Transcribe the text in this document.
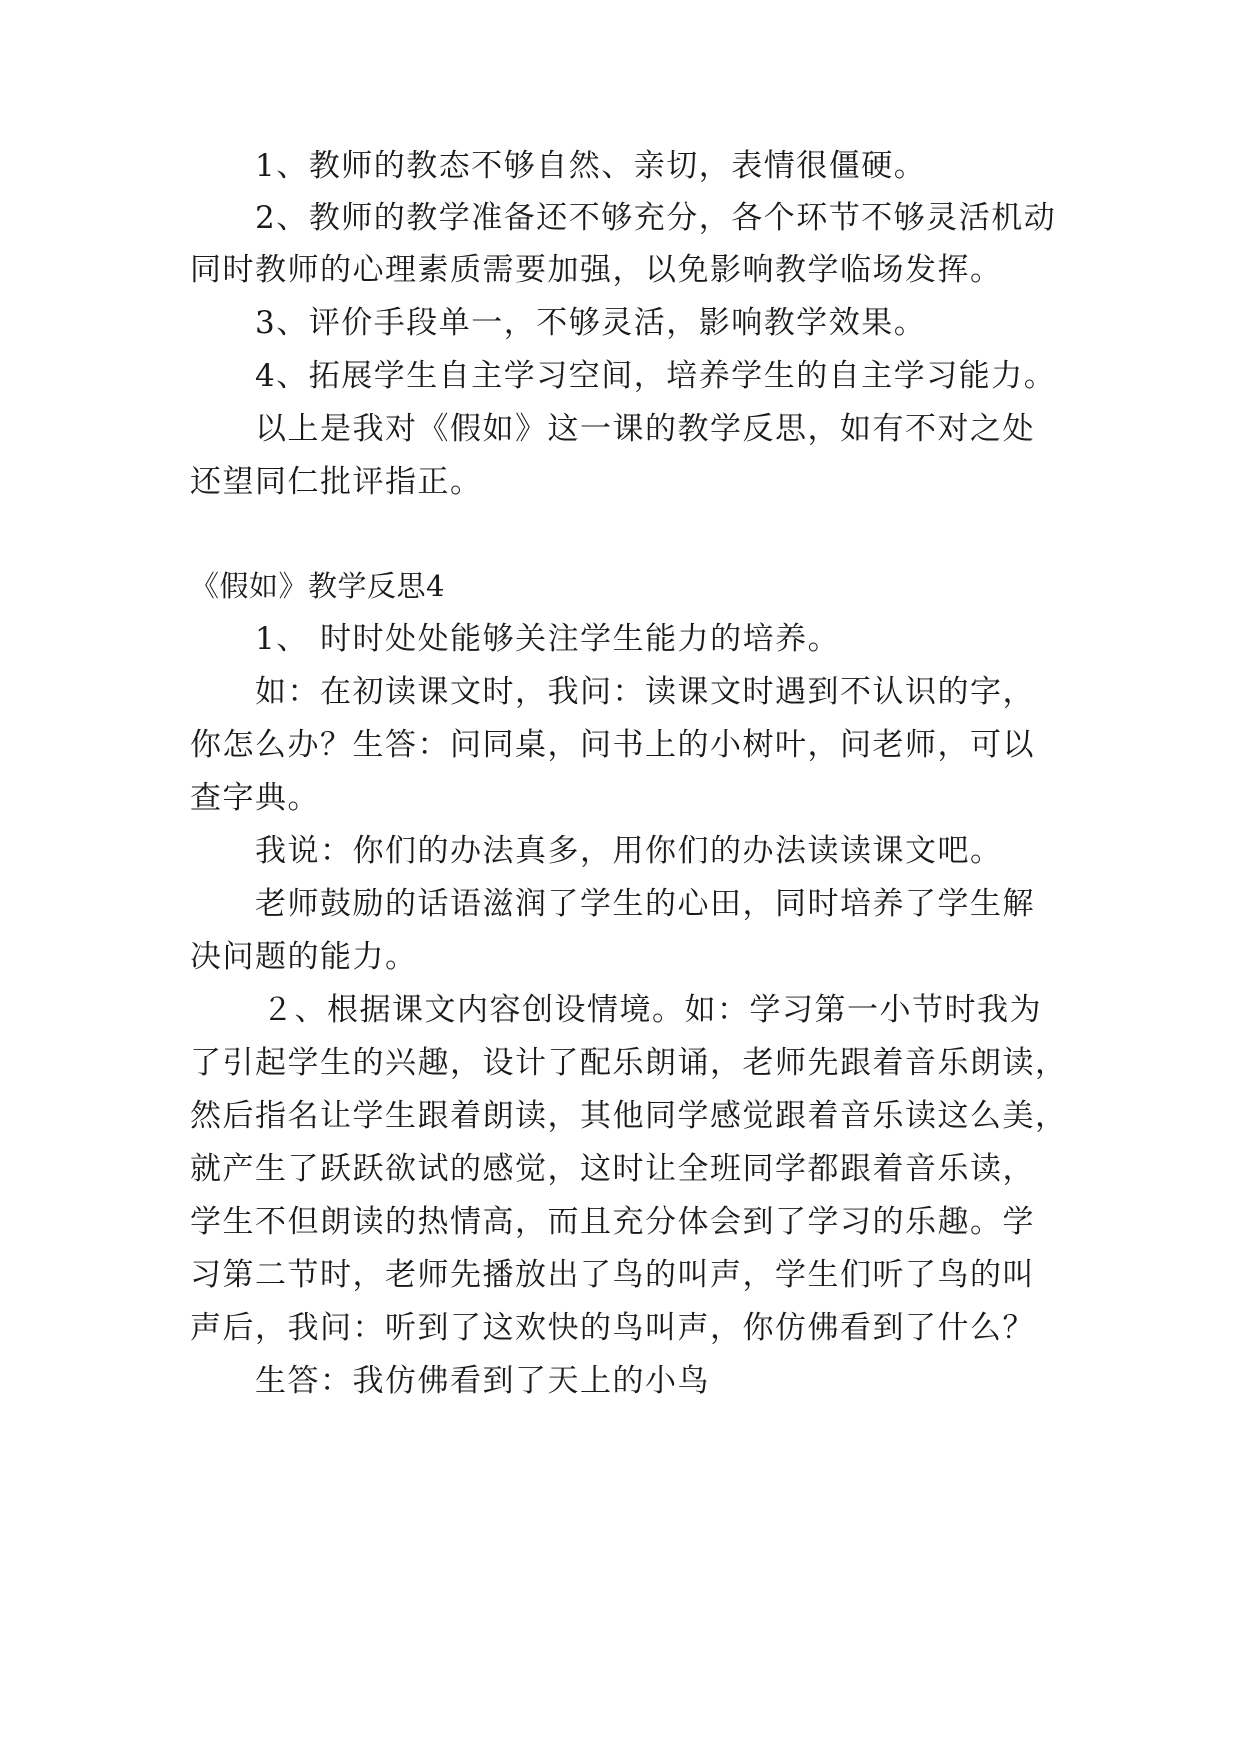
1、教师的教态不够自然、亲切，表情很僵硬。
2、教师的教学准备还不够充分，各个环节不够灵活机动
同时教师的心理素质需要加强，以免影响教学临场发挥。
3、评价手段单一，不够灵活，影响教学效果。
4、拓展学生自主学习空间，培养学生的自主学习能力。
以上是我对《假如》这一课的教学反思，如有不对之处
还望同仁批评指正。
《假如》教学反思4
1、 时时处处能够关注学生能力的培养。
如：在初读课文时，我问：读课文时遇到不认识的字，
你怎么办？生答：问同桌，问书上的小树叶，问老师，可以
查字典。
我说：你们的办法真多，用你们的办法读读课文吧。
老师鼓励的话语滋润了学生的心田，同时培养了学生解
决问题的能力。
２、根据课文内容创设情境。如：学习第一小节时我为
了引起学生的兴趣，设计了配乐朗诵，老师先跟着音乐朗读，
然后指名让学生跟着朗读，其他同学感觉跟着音乐读这么美，
就产生了跃跃欲试的感觉，这时让全班同学都跟着音乐读，
学生不但朗读的热情高，而且充分体会到了学习的乐趣。学
习第二节时，老师先播放出了鸟的叫声，学生们听了鸟的叫
声后，我问：听到了这欢快的鸟叫声，你仿佛看到了什么？
生答：我仿佛看到了天上的小鸟
